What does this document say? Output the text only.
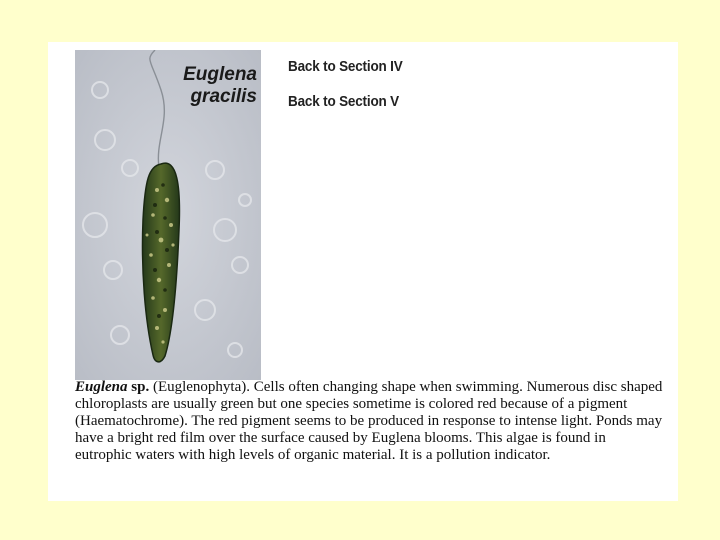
Euglena
gracilis
Back to Section IV
Back to Section V
Euglena sp. (Euglenophyta). Cells often changing shape when swimming. Numerous disc shaped chloroplasts are usually green but one species sometime is colored red because of a pigment (Haematochrome). The red pigment seems to be produced in response to intense light. Ponds may have a bright red film over the surface caused by Euglena blooms. This algae is found in eutrophic waters with high levels of organic material. It is a pollution indicator.
